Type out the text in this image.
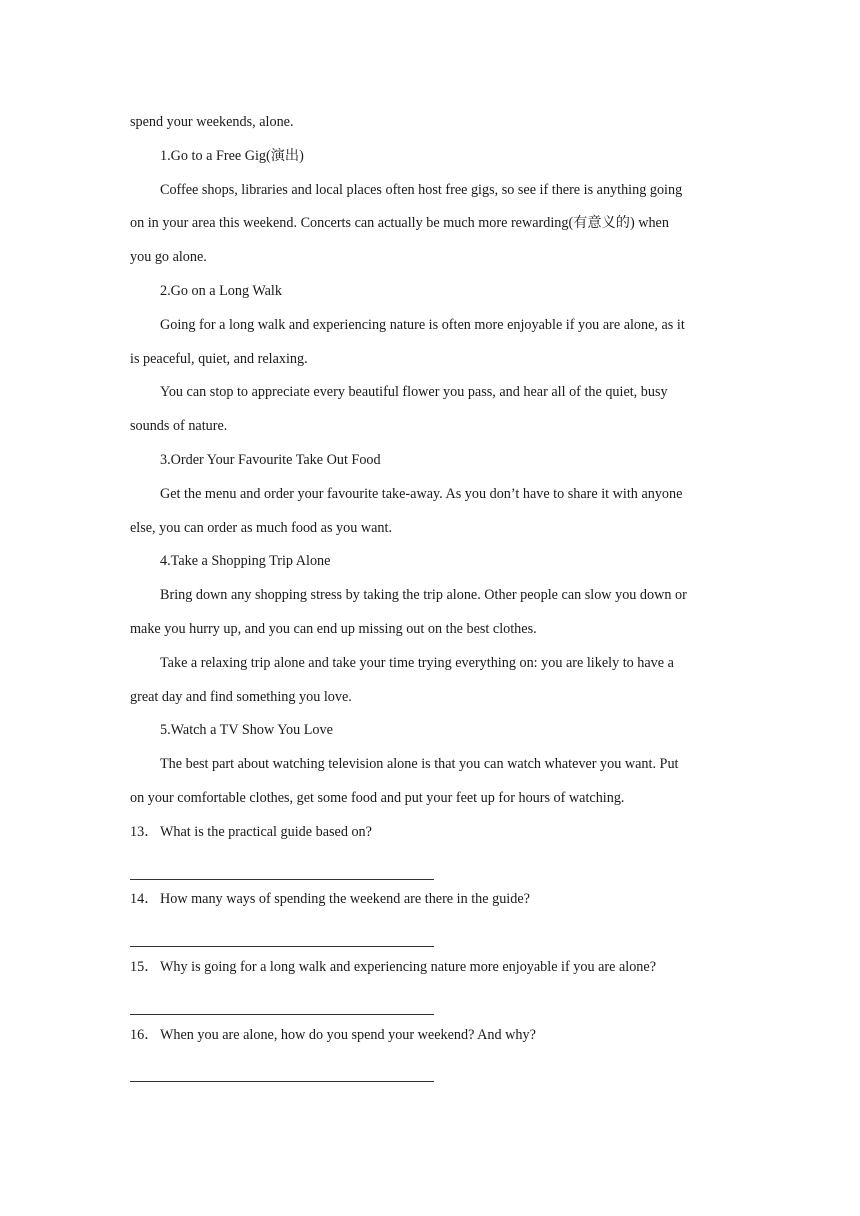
spend your weekends, alone.
1.Go to a Free Gig(演出)
Coffee shops, libraries and local places often host free gigs, so see if there is anything going
on in your area this weekend. Concerts can actually be much more rewarding(有意义的) when
you go alone.
2.Go on a Long Walk
Going for a long walk and experiencing nature is often more enjoyable if you are alone, as it
is peaceful, quiet, and relaxing.
You can stop to appreciate every beautiful flower you pass, and hear all of the quiet, busy
sounds of nature.
3.Order Your Favourite Take Out Food
Get the menu and order your favourite take-away. As you don’t have to share it with anyone
else, you can order as much food as you want.
4.Take a Shopping Trip Alone
Bring down any shopping stress by taking the trip alone. Other people can slow you down or
make you hurry up, and you can end up missing out on the best clothes.
Take a relaxing trip alone and take your time trying everything on: you are likely to have a
great day and find something you love.
5.Watch a TV Show You Love
The best part about watching television alone is that you can watch whatever you want. Put
on your comfortable clothes, get some food and put your feet up for hours of watching.
13． What is the practical guide based on?
14． How many ways of spending the weekend are there in the guide?
15． Why is going for a long walk and experiencing nature more enjoyable if you are alone?
16． When you are alone, how do you spend your weekend? And why?
